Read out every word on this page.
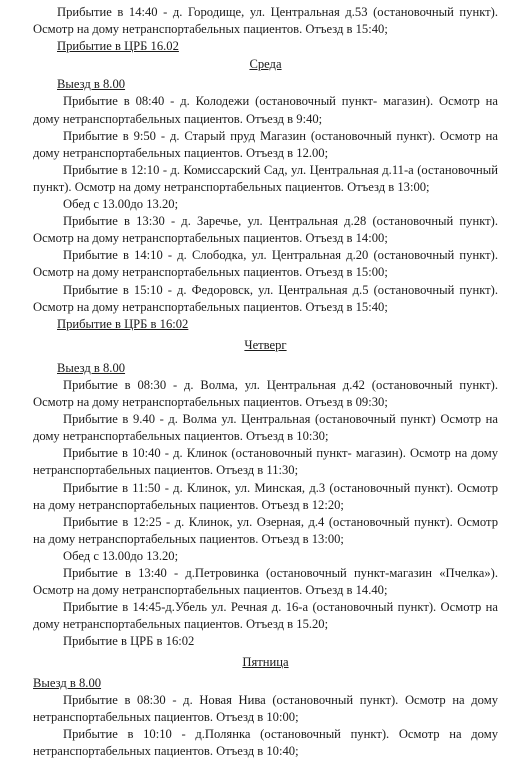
Прибытие в 14:40 - д. Городище, ул. Центральная д.53 (остановочный пункт). Осмотр на дому нетранспортабельных пациентов. Отъезд в 15:40;

Прибытие в ЦРБ 16.02
Среда
Выезд в 8.00

Прибытие в 08:40 - д. Колодежи (остановочный пункт- магазин). Осмотр на дому нетранспортабельных пациентов. Отъезд в 9:40;

Прибытие в 9:50 - д. Старый пруд Магазин (остановочный пункт). Осмотр на дому нетранспортабельных пациентов. Отъезд в 12.00;

Прибытие в 12:10 - д. Комиссарский Сад, ул. Центральная д.11-а (остановочный пункт). Осмотр на дому нетранспортабельных пациентов. Отъезд в 13:00;

Обед с 13.00до 13.20;

Прибытие в 13:30 - д. Заречье, ул. Центральная д.28 (остановочный пункт). Осмотр на дому нетранспортабельных пациентов. Отъезд в 14:00;

Прибытие в 14:10 - д. Слободка, ул. Центральная д.20 (остановочный пункт). Осмотр на дому нетранспортабельных пациентов. Отъезд в 15:00;

Прибытие в 15:10 - д. Федоровск, ул. Центральная д.5 (остановочный пункт). Осмотр на дому нетранспортабельных пациентов. Отъезд в 15:40;

Прибытие в ЦРБ в 16:02
Четверг
Выезд в 8.00

Прибытие в 08:30 - д. Волма, ул. Центральная д.42 (остановочный пункт). Осмотр на дому нетранспортабельных пациентов. Отъезд в 09:30;

Прибытие в 9.40 - д. Волма ул. Центральная (остановочный пункт) Осмотр на дому нетранспортабельных пациентов. Отъезд в 10:30;

Прибытие в 10:40 - д. Клинок (остановочный пункт- магазин). Осмотр на дому нетранспортабельных пациентов. Отъезд в 11:30;

Прибытие в 11:50 - д. Клинок, ул. Минская, д.3 (остановочный пункт). Осмотр на дому нетранспортабельных пациентов. Отъезд в 12:20;

Прибытие в 12:25 - д. Клинок, ул. Озерная, д.4 (остановочный пункт). Осмотр на дому нетранспортабельных пациентов. Отъезд в 13:00;

Обед с 13.00до 13.20;

Прибытие в 13:40 - д.Петровинка (остановочный пункт-магазин «Пчелка»). Осмотр на дому нетранспортабельных пациентов. Отъезд в 14.40;

Прибытие в 14:45-д.Убель ул. Речная д. 16-а (остановочный пункт). Осмотр на дому нетранспортабельных пациентов. Отъезд в 15.20;

Прибытие в ЦРБ в 16:02

Пятница
Выезд в 8.00

Прибытие в 08:30 - д. Новая Нива (остановочный пункт). Осмотр на дому нетранспортабельных пациентов. Отъезд в 10:00;

Прибытие в 10:10 - д.Полянка (остановочный пункт). Осмотр на дому нетранспортабельных пациентов. Отъезд в 10:40;
